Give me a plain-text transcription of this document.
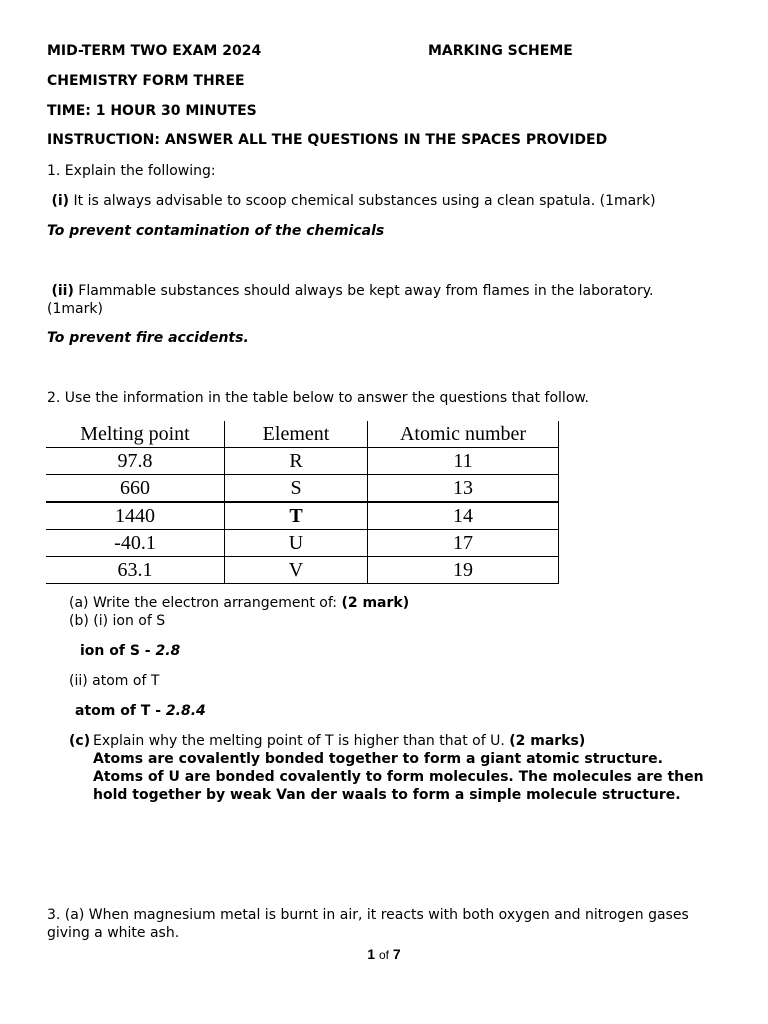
MID-TERM TWO EXAM 2024	MARKING SCHEME
CHEMISTRY FORM THREE
TIME: 1 HOUR 30 MINUTES
INSTRUCTION: ANSWER ALL THE QUESTIONS IN THE SPACES PROVIDED
1. Explain the following:
(i) It is always advisable to scoop chemical substances using a clean spatula. (1mark)
To prevent contamination of the chemicals
(ii) Flammable substances should always be kept away from flames in the laboratory.
(1mark)
To prevent fire accidents.
2. Use the information in the table below to answer the questions that follow.
Melting point	Element	Atomic number
97.8	R	11
660	S	13
1440	T	14
-40.1	U	17
63.1	V	19
(a) Write the electron arrangement of: (2 mark)
(b) (i) ion of S
ion of S - 2.8
(ii) atom of T
atom of T - 2.8.4
(c) Explain why the melting point of T is higher than that of U. (2 marks)
Atoms are covalently bonded together to form a giant atomic structure.
Atoms of U are bonded covalently to form molecules. The molecules are then
hold together by weak Van der waals to form a simple molecule structure.
3. (a) When magnesium metal is burnt in air, it reacts with both oxygen and nitrogen gases
giving a white ash.
1 of 7
